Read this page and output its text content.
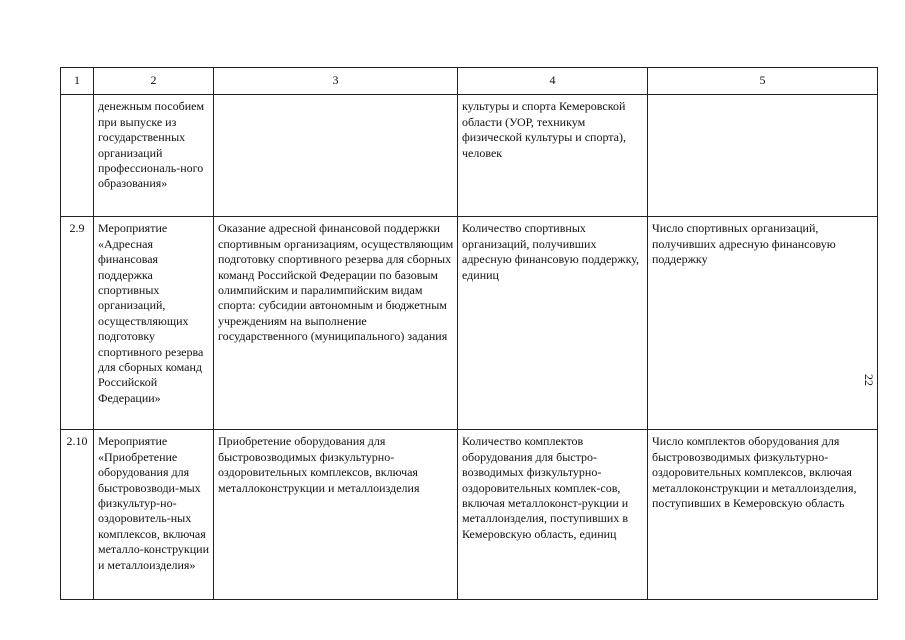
1	2	3	4	5
	денежным пособием при выпуске из государственных организаций профессиональ-ного образования»		культуры и спорта Кемеровской области (УОР, техникум физической культуры и спорта), человек	
2.9	Мероприятие «Адресная финансовая поддержка спортивных организаций, осуществляющих подготовку спортивного резерва для сборных команд Российской Федерации»	Оказание адресной финансовой поддержки спортивным организациям, осуществляющим подготовку спортивного резерва для сборных команд Российской Федерации по базовым олимпийским и паралимпийским видам спорта: субсидии автономным и бюджетным учреждениям на выполнение государственного (муниципального) задания	Количество спортивных организаций, получивших адресную финансовую поддержку, единиц	Число спортивных организаций, получивших адресную финансовую поддержку
2.10	Мероприятие «Приобретение оборудования для быстровозводи-мых физкультур-но-оздоровитель-ных комплексов, включая металло-конструкции и металлоизделия»	Приобретение оборудования для быстровозводимых физкультурно-оздоровительных комплексов, включая металлоконструкции и металлоизделия	Количество комплектов оборудования для быстро-возводимых физкультурно-оздоровительных комплек-сов, включая металлоконст-рукции и металлоизделия, поступивших в Кемеровскую область, единиц	Число комплектов оборудования для быстровозводимых физкультурно-оздоровительных комплексов, включая металлоконструкции и металлоизделия, поступивших в Кемеровскую область
22
